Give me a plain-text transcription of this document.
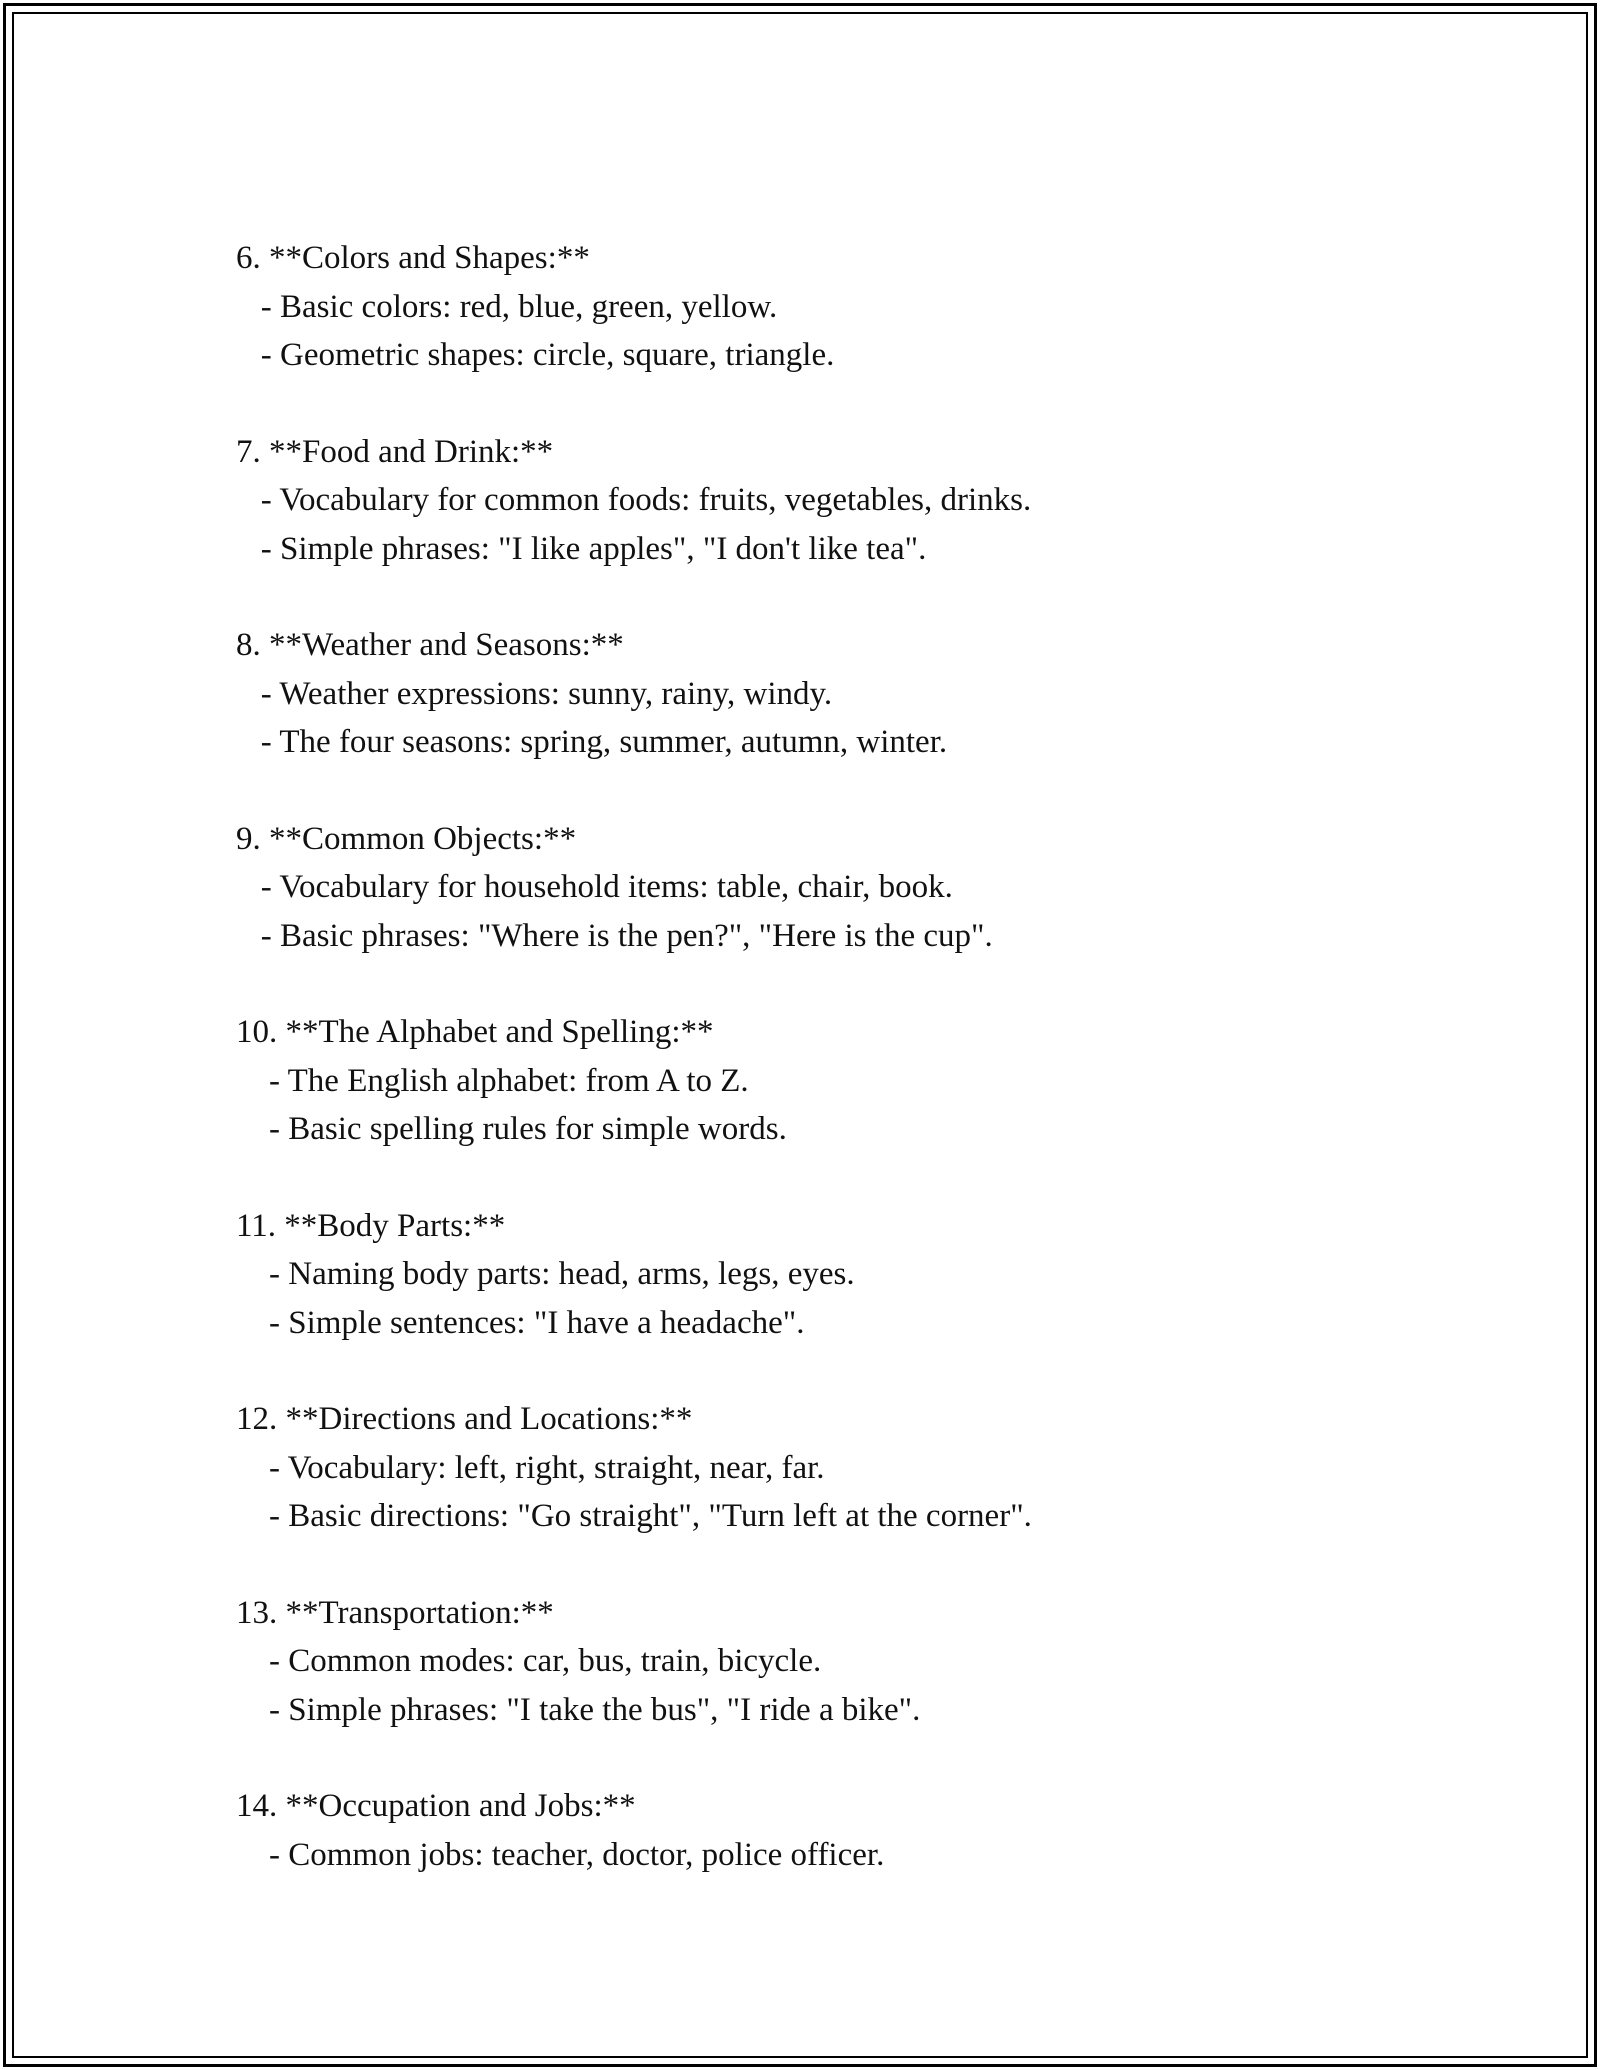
6. **Colors and Shapes:**
- Basic colors: red, blue, green, yellow.
- Geometric shapes: circle, square, triangle.
7. **Food and Drink:**
- Vocabulary for common foods: fruits, vegetables, drinks.
- Simple phrases: "I like apples", "I don't like tea".
8. **Weather and Seasons:**
- Weather expressions: sunny, rainy, windy.
- The four seasons: spring, summer, autumn, winter.
9. **Common Objects:**
- Vocabulary for household items: table, chair, book.
- Basic phrases: "Where is the pen?", "Here is the cup".
10. **The Alphabet and Spelling:**
- The English alphabet: from A to Z.
- Basic spelling rules for simple words.
11. **Body Parts:**
- Naming body parts: head, arms, legs, eyes.
- Simple sentences: "I have a headache".
12. **Directions and Locations:**
- Vocabulary: left, right, straight, near, far.
- Basic directions: "Go straight", "Turn left at the corner".
13. **Transportation:**
- Common modes: car, bus, train, bicycle.
- Simple phrases: "I take the bus", "I ride a bike".
14. **Occupation and Jobs:**
- Common jobs: teacher, doctor, police officer.
